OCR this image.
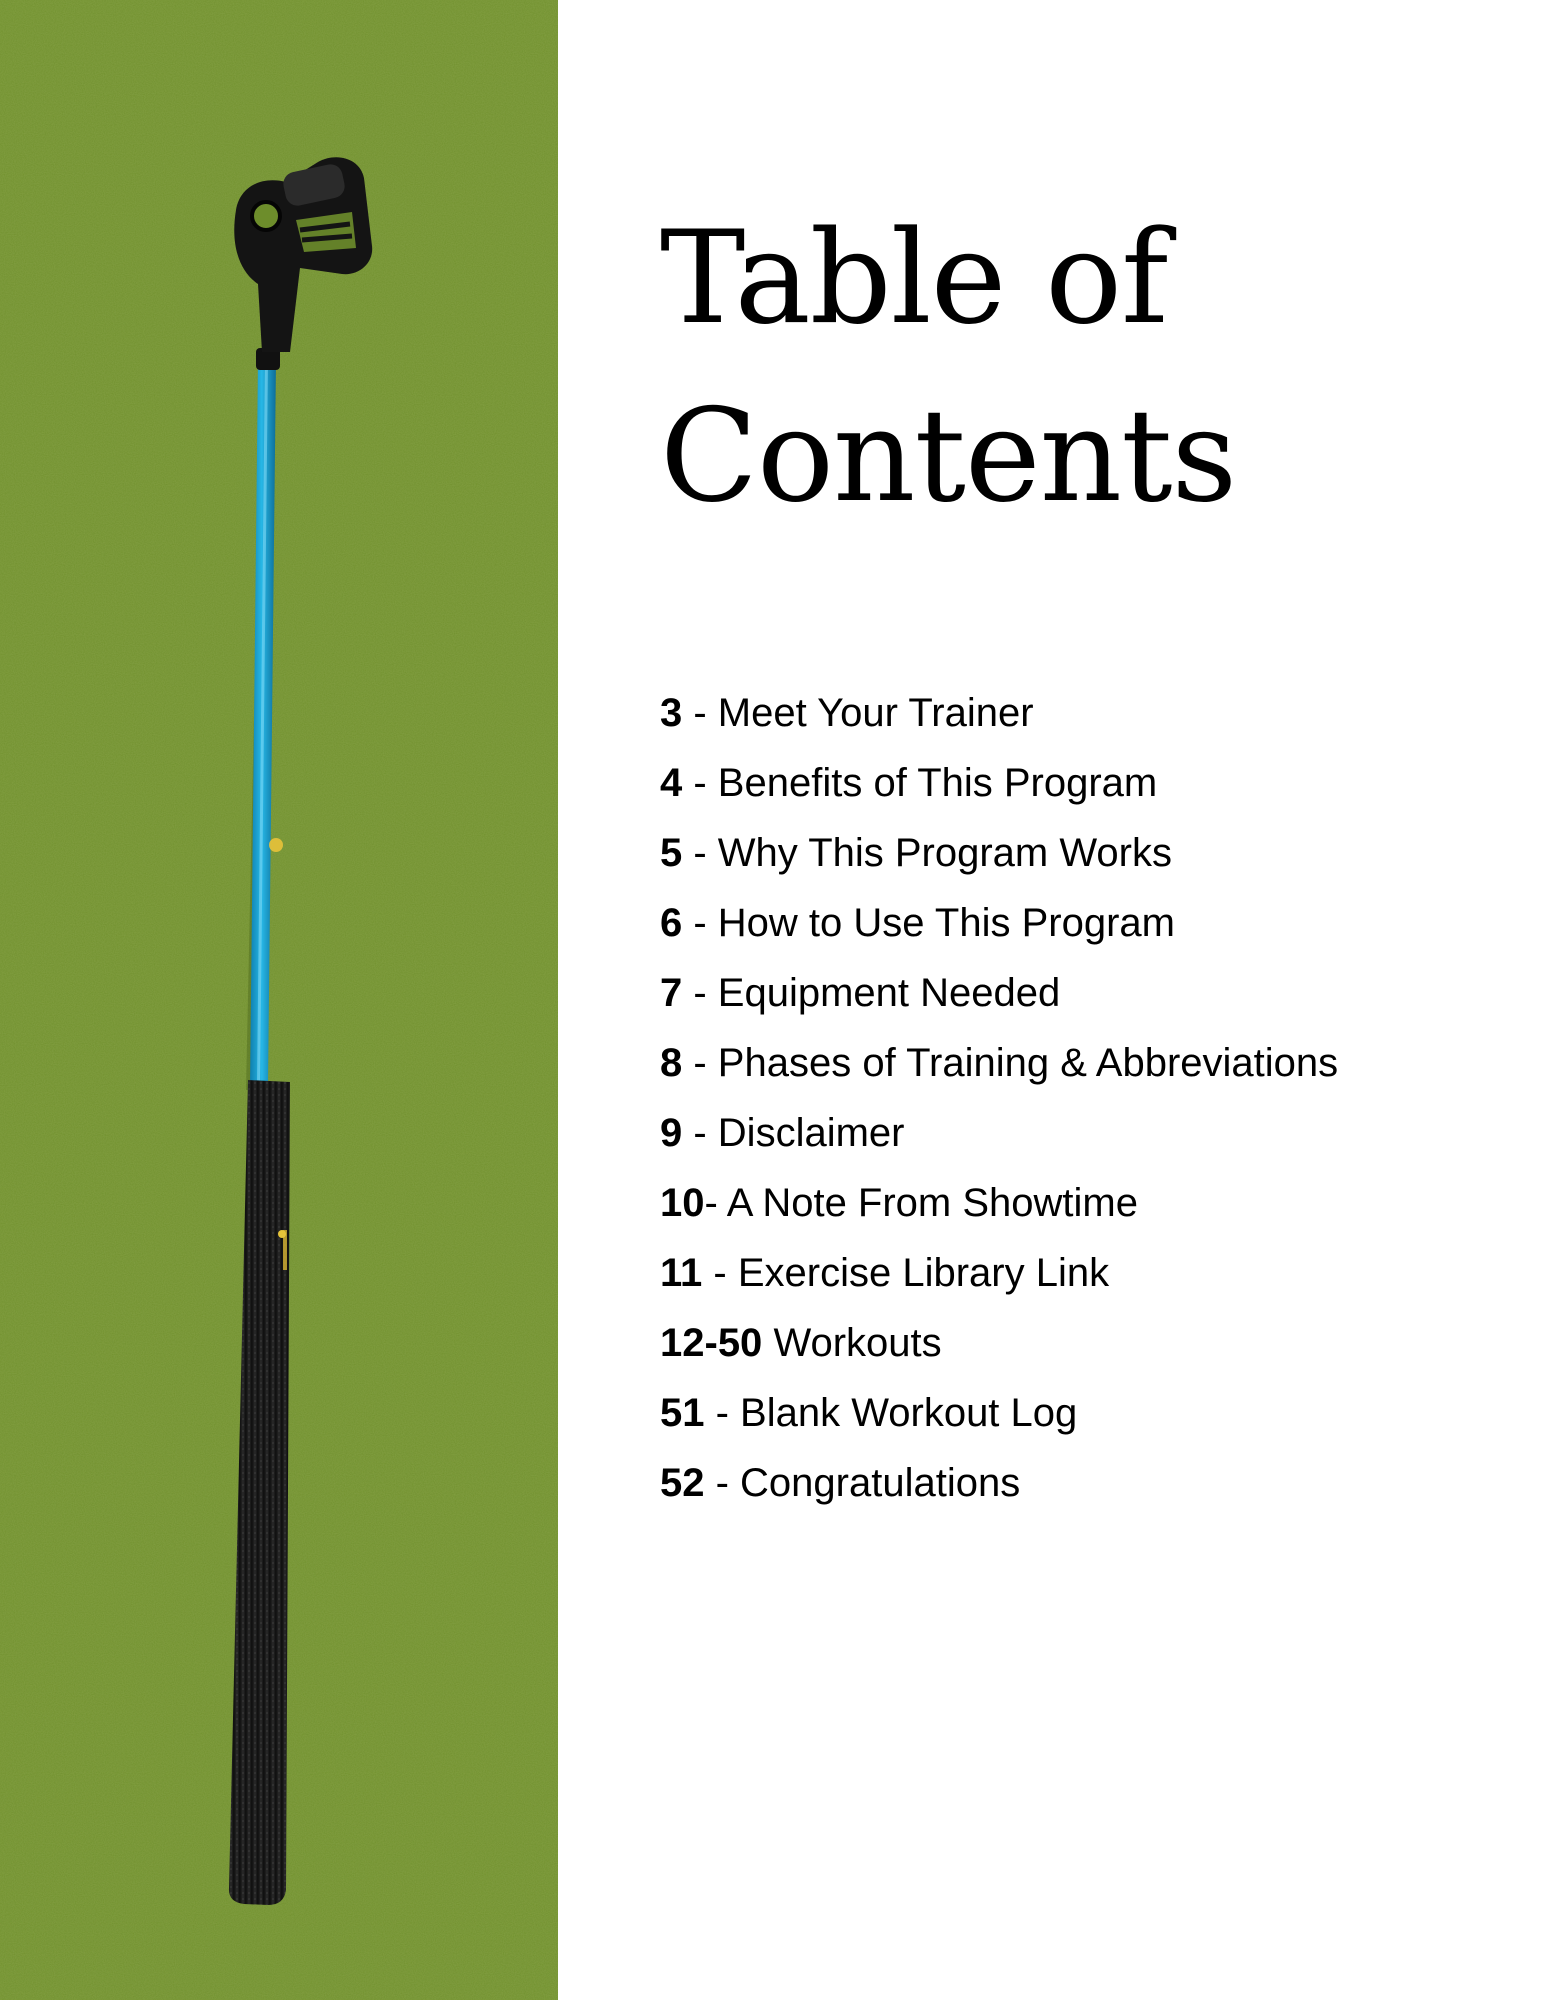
Table of
Contents
3 - Meet Your Trainer
4 - Benefits of This Program
5 - Why This Program Works
6 - How to Use This Program
7 - Equipment Needed
8 - Phases of Training & Abbreviations
9 - Disclaimer
10- A Note From Showtime
11 - Exercise Library Link
12-50 Workouts
51 - Blank Workout Log
52 - Congratulations
